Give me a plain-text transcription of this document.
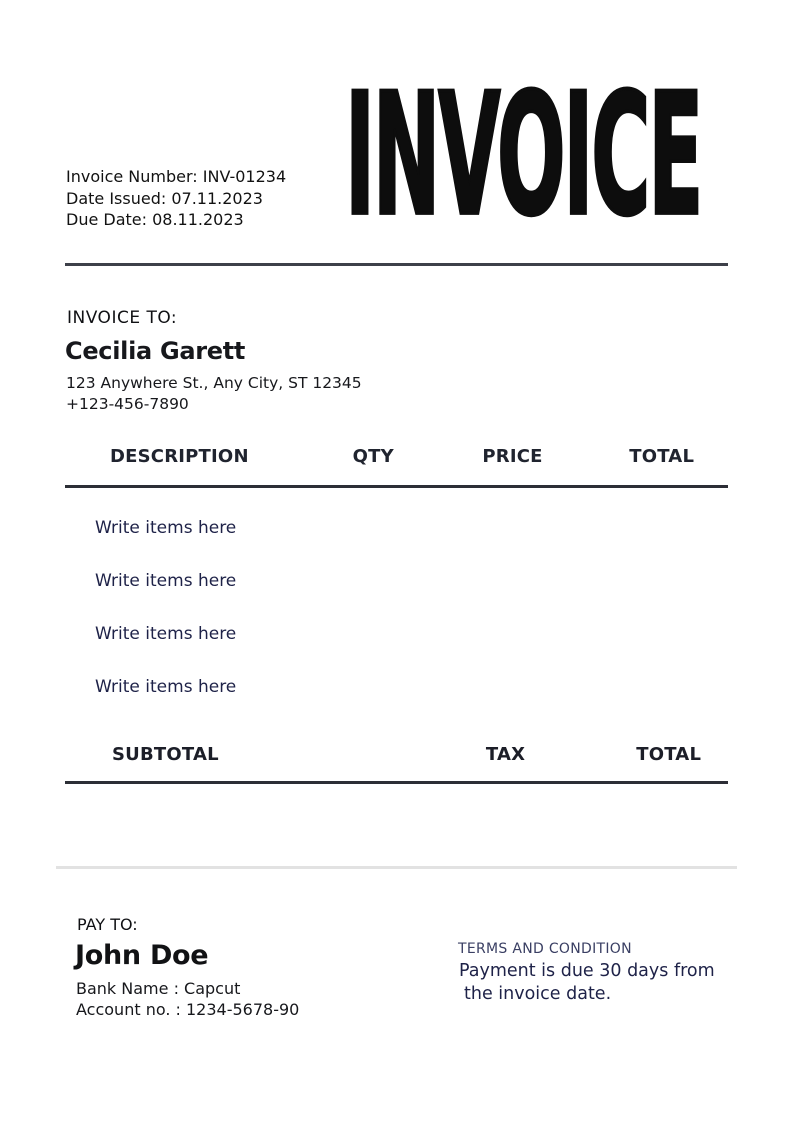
Invoice Number: INV-01234
Date Issued: 07.11.2023
Due Date: 08.11.2023 INVOICE
INVOICE TO:
Cecilia Garett
123 Anywhere St., Any City, ST 12345
+123-456-7890
DESCRIPTION	QTY	PRICE	TOTAL
Write items here
Write items here
Write items here
Write items here
SUBTOTAL	TAX	TOTAL
PAY TO:
John Doe
Bank Name : Capcut
Account no. : 1234-5678-90
TERMS AND CONDITION
Payment is due 30 days from
the invoice date.
